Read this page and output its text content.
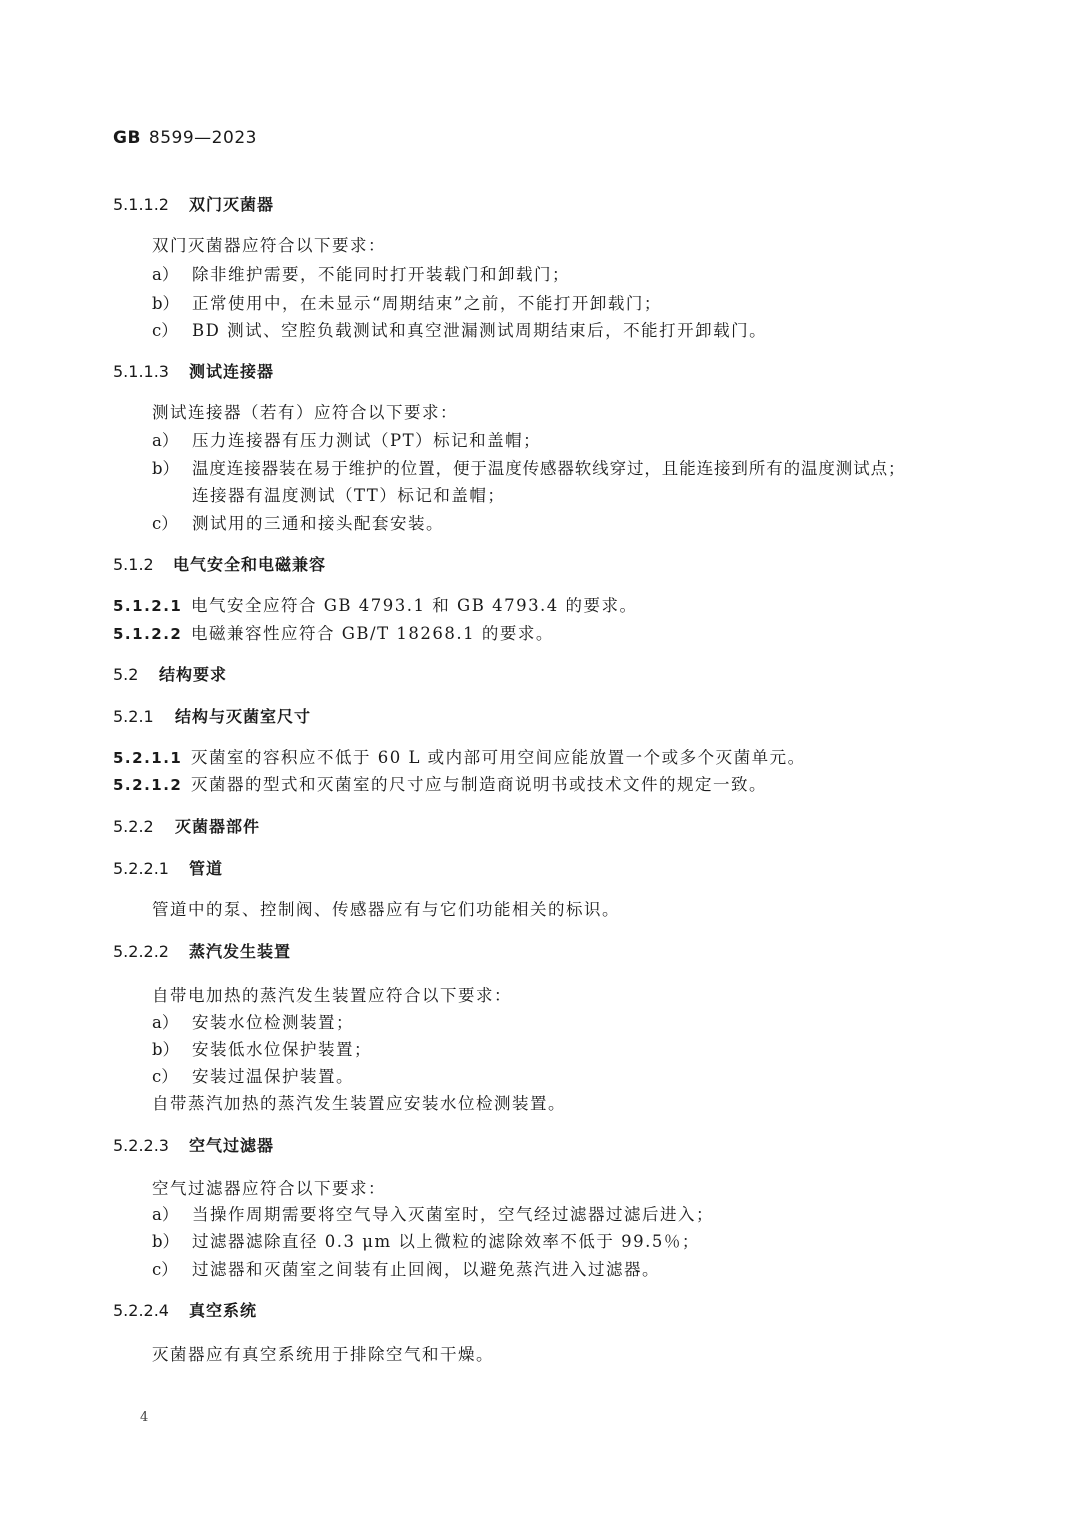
GB 8599—2023
5.1.1.2 双门灭菌器
双门灭菌器应符合以下要求：
a） 除非维护需要，不能同时打开装载门和卸载门；
b） 正常使用中，在未显示“周期结束”之前，不能打开卸载门；
c） BD 测试、空腔负载测试和真空泄漏测试周期结束后，不能打开卸载门。
5.1.1.3 测试连接器
测试连接器（若有）应符合以下要求：
a） 压力连接器有压力测试（PT）标记和盖帽；
b） 温度连接器装在易于维护的位置，便于温度传感器软线穿过，且能连接到所有的温度测试点；
连接器有温度测试（TT）标记和盖帽；
c） 测试用的三通和接头配套安装。
5.1.2 电气安全和电磁兼容
5.1.2.1 电气安全应符合 GB 4793.1 和 GB 4793.4 的要求。
5.1.2.2 电磁兼容性应符合 GB/T 18268.1 的要求。
5.2 结构要求
5.2.1 结构与灭菌室尺寸
5.2.1.1 灭菌室的容积应不低于 60 L 或内部可用空间应能放置一个或多个灭菌单元。
5.2.1.2 灭菌器的型式和灭菌室的尺寸应与制造商说明书或技术文件的规定一致。
5.2.2 灭菌器部件
5.2.2.1 管道
管道中的泵、控制阀、传感器应有与它们功能相关的标识。
5.2.2.2 蒸汽发生装置
自带电加热的蒸汽发生装置应符合以下要求：
a） 安装水位检测装置；
b） 安装低水位保护装置；
c） 安装过温保护装置。
自带蒸汽加热的蒸汽发生装置应安装水位检测装置。
5.2.2.3 空气过滤器
空气过滤器应符合以下要求：
a） 当操作周期需要将空气导入灭菌室时，空气经过滤器过滤后进入；
b） 过滤器滤除直径 0.3 μm 以上微粒的滤除效率不低于 99.5％；
c） 过滤器和灭菌室之间装有止回阀，以避免蒸汽进入过滤器。
5.2.2.4 真空系统
灭菌器应有真空系统用于排除空气和干燥。
4
